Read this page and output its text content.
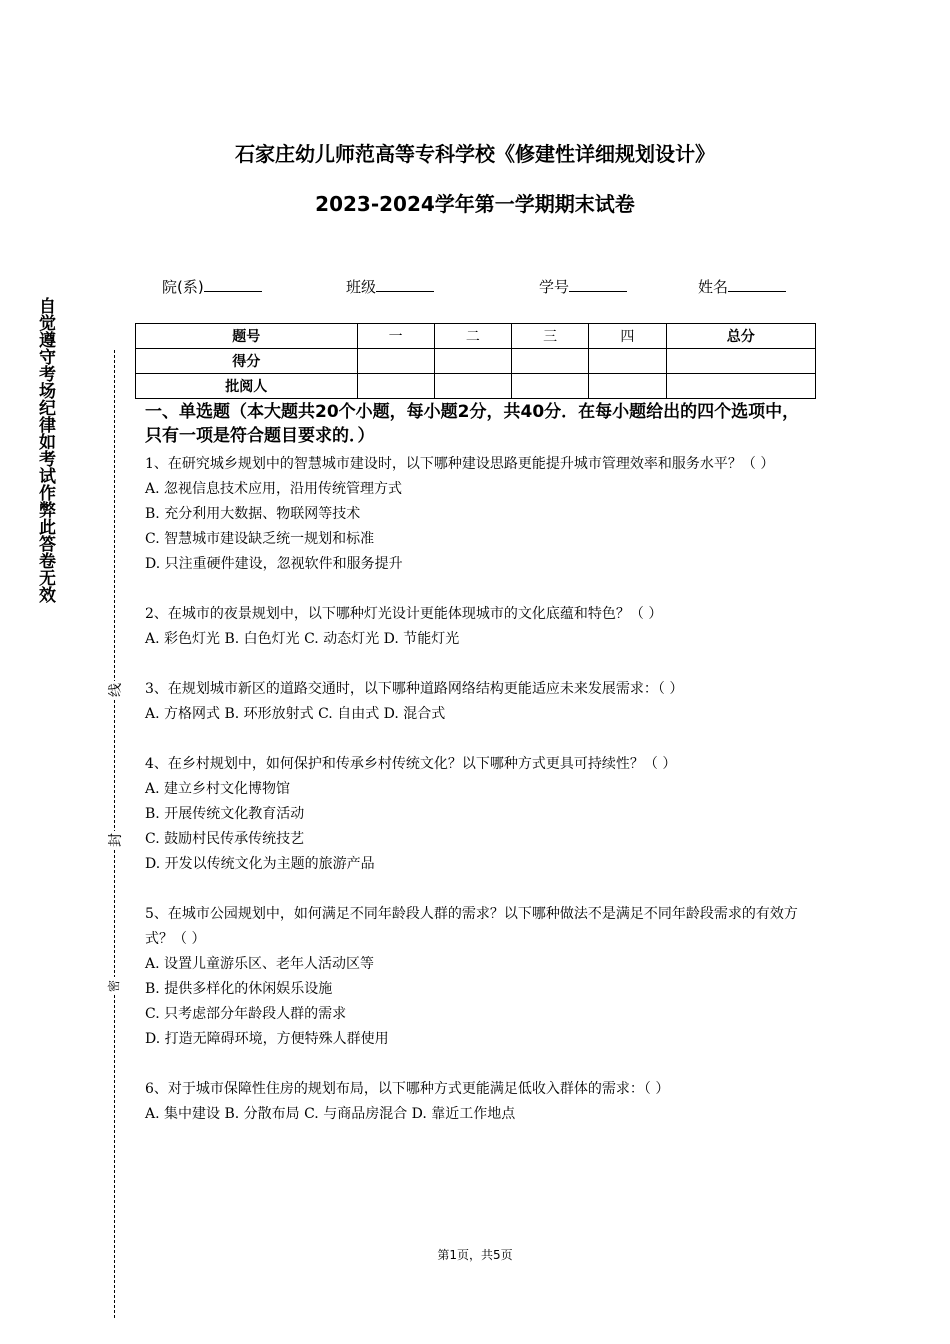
石家庄幼儿师范高等专科学校《修建性详细规划设计》
2023-2024学年第一学期期末试卷
院(系)	班级	学号	姓名
题号	一	二	三	四	总分
得分					
批阅人					
自觉遵守考场纪律如考试作弊此答卷无效
线
封
密

一、单选题（本大题共20个小题，每小题2分，共40分．在每小题给出的四个选项中，只有一项是符合题目要求的．）

1、在研究城乡规划中的智慧城市建设时，以下哪种建设思路更能提升城市管理效率和服务水平？（ ）

A. 忽视信息技术应用，沿用传统管理方式

B. 充分利用大数据、物联网等技术

C. 智慧城市建设缺乏统一规划和标准

D. 只注重硬件建设，忽视软件和服务提升

2、在城市的夜景规划中，以下哪种灯光设计更能体现城市的文化底蕴和特色？（ ）

A. 彩色灯光 B. 白色灯光 C. 动态灯光 D. 节能灯光

3、在规划城市新区的道路交通时，以下哪种道路网络结构更能适应未来发展需求：（ ）

A. 方格网式 B. 环形放射式 C. 自由式 D. 混合式

4、在乡村规划中，如何保护和传承乡村传统文化？以下哪种方式更具可持续性？（ ）

A. 建立乡村文化博物馆

B. 开展传统文化教育活动

C. 鼓励村民传承传统技艺

D. 开发以传统文化为主题的旅游产品

5、在城市公园规划中，如何满足不同年龄段人群的需求？以下哪种做法不是满足不同年龄段需求的有效方式？（ ）

A. 设置儿童游乐区、老年人活动区等

B. 提供多样化的休闲娱乐设施

C. 只考虑部分年龄段人群的需求

D. 打造无障碍环境，方便特殊人群使用

6、对于城市保障性住房的规划布局，以下哪种方式更能满足低收入群体的需求：（ ）

A. 集中建设 B. 分散布局 C. 与商品房混合 D. 靠近工作地点

第1页，共5页
